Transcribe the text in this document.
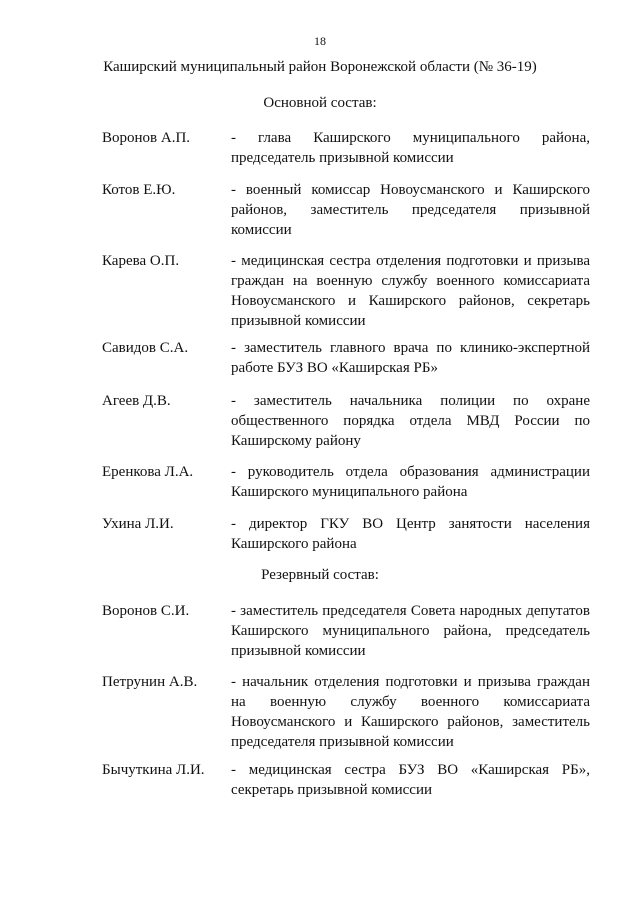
18
Каширский муниципальный район Воронежской области (№ 36-19)
Основной состав:
Воронов А.П.	- глава Каширского муниципального района, председатель призывной комиссии
Котов Е.Ю.	- военный комиссар Новоусманского и Каширского районов, заместитель председателя призывной комиссии
Карева О.П.	- медицинская сестра отделения подготовки и призыва граждан на военную службу военного комиссариата Новоусманского и Каширского районов, секретарь призывной комиссии
Савидов С.А.	- заместитель главного врача по клинико-экспертной работе БУЗ ВО «Каширская РБ»
Агеев Д.В.	- заместитель начальника полиции по охране общественного порядка отдела МВД России по Каширскому району
Еренкова Л.А.	- руководитель отдела образования администрации Каширского муниципального района
Ухина Л.И.	- директор ГКУ ВО Центр занятости населения Каширского района
Резервный состав:
Воронов С.И.	- заместитель председателя Совета народных депутатов Каширского муниципального района, председатель призывной комиссии
Петрунин А.В.	- начальник отделения подготовки и призыва граждан на военную службу военного комиссариата Новоусманского и Каширского районов, заместитель председателя призывной комиссии
Бычуткина Л.И.	- медицинская сестра БУЗ ВО «Каширская РБ», секретарь призывной комиссии
